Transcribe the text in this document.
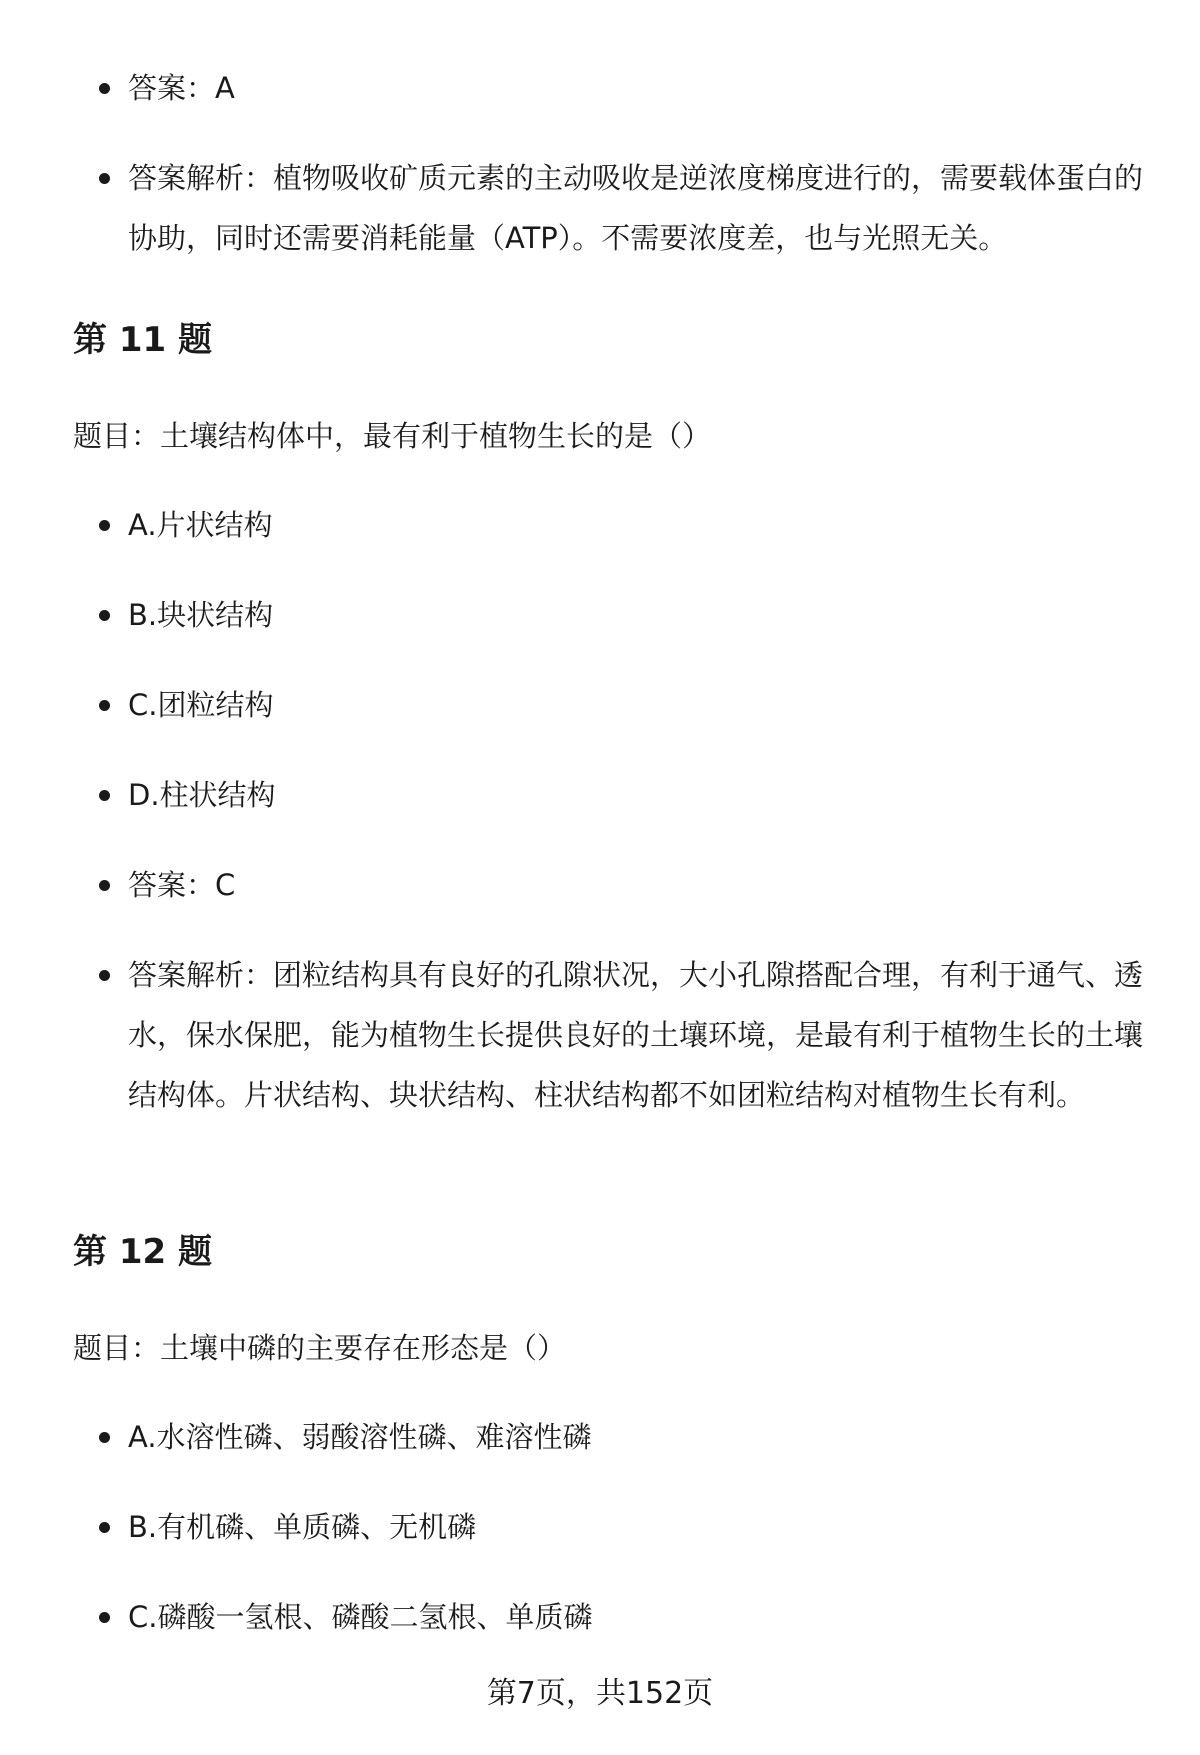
答案：A
答案解析：植物吸收矿质元素的主动吸收是逆浓度梯度进行的，需要载体蛋白的协助，同时还需要消耗能量（ATP）。不需要浓度差，也与光照无关。
第 11 题

题目：土壤结构体中，最有利于植物生长的是（）

A.片状结构
B.块状结构
C.团粒结构
D.柱状结构
答案：C
答案解析：团粒结构具有良好的孔隙状况，大小孔隙搭配合理，有利于通气、透水，保水保肥，能为植物生长提供良好的土壤环境，是最有利于植物生长的土壤结构体。片状结构、块状结构、柱状结构都不如团粒结构对植物生长有利。
第 12 题

题目：土壤中磷的主要存在形态是（）

A.水溶性磷、弱酸溶性磷、难溶性磷
B.有机磷、单质磷、无机磷
C.磷酸一氢根、磷酸二氢根、单质磷
第7页，共152页
